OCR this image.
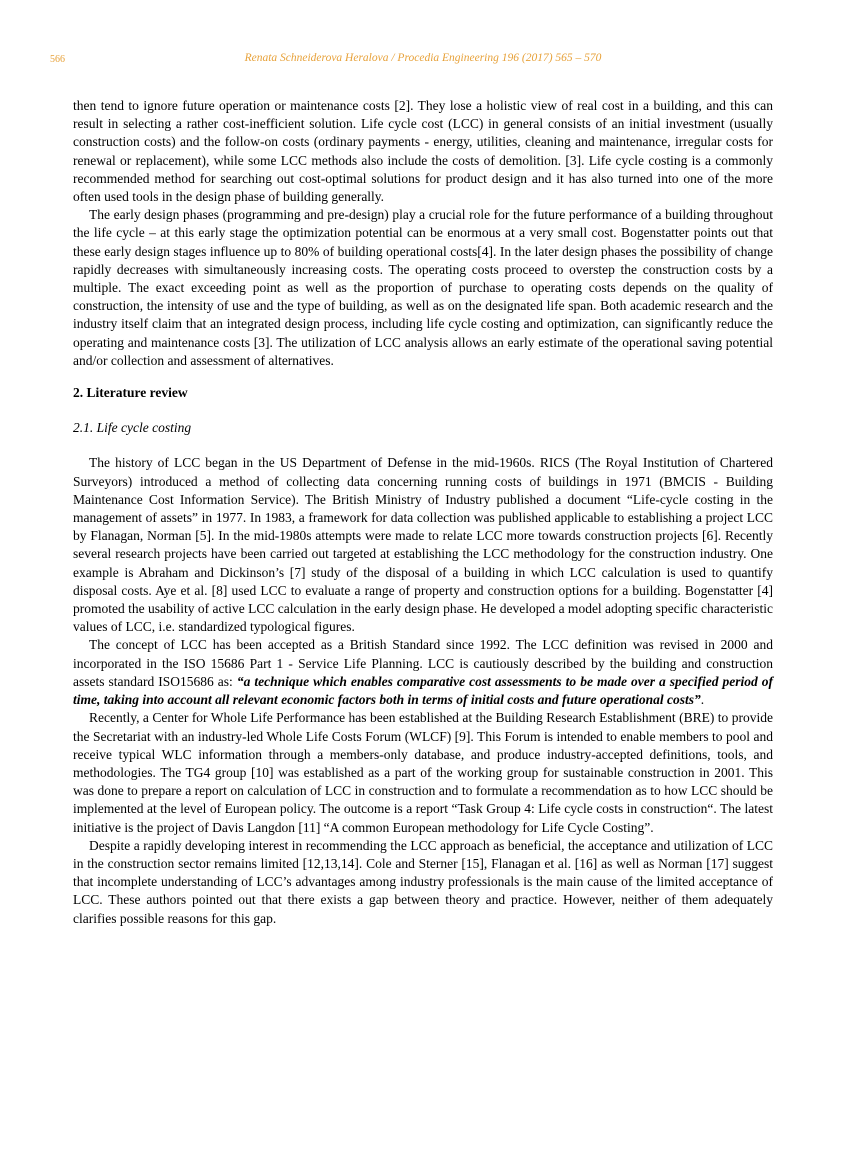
566	Renata Schneiderova Heralova / Procedia Engineering 196 (2017) 565 – 570

then tend to ignore future operation or maintenance costs [2]. They lose a holistic view of real cost in a building, and this can result in selecting a rather cost-inefficient solution. Life cycle cost (LCC) in general consists of an initial investment (usually construction costs) and the follow-on costs (ordinary payments - energy, utilities, cleaning and maintenance, irregular costs for renewal or replacement), while some LCC methods also include the costs of demolition. [3]. Life cycle costing is a commonly recommended method for searching out cost-optimal solutions for product design and it has also turned into one of the more often used tools in the design phase of building generally.

The early design phases (programming and pre-design) play a crucial role for the future performance of a building throughout the life cycle – at this early stage the optimization potential can be enormous at a very small cost. Bogenstatter points out that these early design stages influence up to 80% of building operational costs[4]. In the later design phases the possibility of change rapidly decreases with simultaneously increasing costs. The operating costs proceed to overstep the construction costs by a multiple. The exact exceeding point as well as the proportion of purchase to operating costs depends on the quality of construction, the intensity of use and the type of building, as well as on the designated life span. Both academic research and the industry itself claim that an integrated design process, including life cycle costing and optimization, can significantly reduce the operating and maintenance costs [3]. The utilization of LCC analysis allows an early estimate of the operational saving potential and/or collection and assessment of alternatives.

2. Literature review
2.1. Life cycle costing

The history of LCC began in the US Department of Defense in the mid-1960s. RICS (The Royal Institution of Chartered Surveyors) introduced a method of collecting data concerning running costs of buildings in 1971 (BMCIS - Building Maintenance Cost Information Service). The British Ministry of Industry published a document “Life-cycle costing in the management of assets” in 1977. In 1983, a framework for data collection was published applicable to establishing a project LCC by Flanagan, Norman [5]. In the mid-1980s attempts were made to relate LCC more towards construction projects [6]. Recently several research projects have been carried out targeted at establishing the LCC methodology for the construction industry. One example is Abraham and Dickinson’s [7] study of the disposal of a building in which LCC calculation is used to quantify disposal costs. Aye et al. [8] used LCC to evaluate a range of property and construction options for a building. Bogenstatter [4] promoted the usability of active LCC calculation in the early design phase. He developed a model adopting specific characteristic values of LCC, i.e. standardized typological figures.

The concept of LCC has been accepted as a British Standard since 1992. The LCC definition was revised in 2000 and incorporated in the ISO 15686 Part 1 - Service Life Planning. LCC is cautiously described by the building and construction assets standard ISO15686 as: “a technique which enables comparative cost assessments to be made over a specified period of time, taking into account all relevant economic factors both in terms of initial costs and future operational costs”.

Recently, a Center for Whole Life Performance has been established at the Building Research Establishment (BRE) to provide the Secretariat with an industry-led Whole Life Costs Forum (WLCF) [9]. This Forum is intended to enable members to pool and receive typical WLC information through a members-only database, and produce industry-accepted definitions, tools, and methodologies. The TG4 group [10] was established as a part of the working group for sustainable construction in 2001. This was done to prepare a report on calculation of LCC in construction and to formulate a recommendation as to how LCC should be implemented at the level of European policy. The outcome is a report “Task Group 4: Life cycle costs in construction“. The latest initiative is the project of Davis Langdon [11] “A common European methodology for Life Cycle Costing”.

Despite a rapidly developing interest in recommending the LCC approach as beneficial, the acceptance and utilization of LCC in the construction sector remains limited [12,13,14]. Cole and Sterner [15], Flanagan et al. [16] as well as Norman [17] suggest that incomplete understanding of LCC’s advantages among industry professionals is the main cause of the limited acceptance of LCC. These authors pointed out that there exists a gap between theory and practice. However, neither of them adequately clarifies possible reasons for this gap.
